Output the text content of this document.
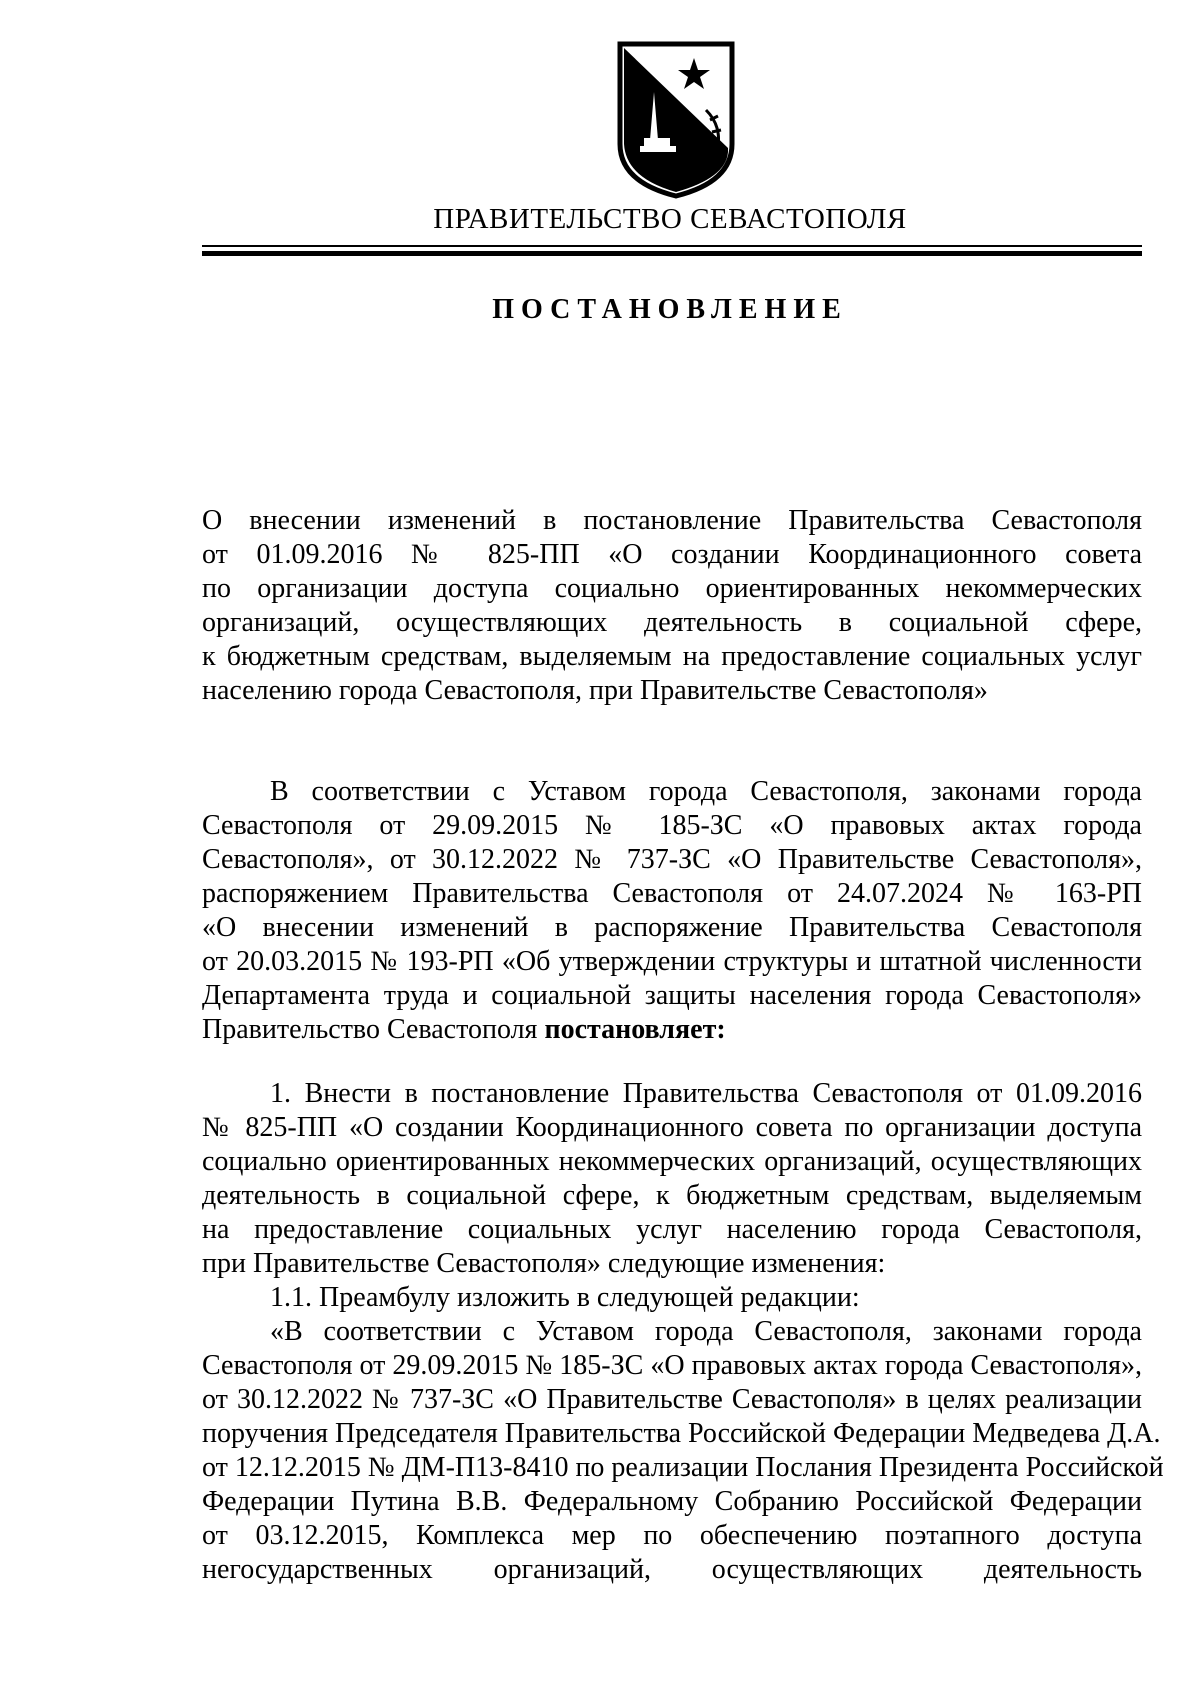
ПРАВИТЕЛЬСТВО СЕВАСТОПОЛЯ
ПОСТАНОВЛЕНИЕ
О внесении изменений в постановление Правительства Севастополя
от 01.09.2016 № 825-ПП «О создании Координационного совета
по организации доступа социально ориентированных некоммерческих
организаций, осуществляющих деятельность в социальной сфере,
к бюджетным средствам, выделяемым на предоставление социальных услуг
населению города Севастополя, при Правительстве Севастополя»
В соответствии с Уставом города Севастополя, законами города
Севастополя от 29.09.2015 № 185-ЗС «О правовых актах города
Севастополя», от 30.12.2022 № 737-ЗС «О Правительстве Севастополя»,
распоряжением Правительства Севастополя от 24.07.2024 № 163-РП
«О внесении изменений в распоряжение Правительства Севастополя
от 20.03.2015 № 193-РП «Об утверждении структуры и штатной численности
Департамента труда и социальной защиты населения города Севастополя»
Правительство Севастополя постановляет:
1. Внести в постановление Правительства Севастополя от 01.09.2016
№ 825-ПП «О создании Координационного совета по организации доступа
социально ориентированных некоммерческих организаций, осуществляющих
деятельность в социальной сфере, к бюджетным средствам, выделяемым
на предоставление социальных услуг населению города Севастополя,
при Правительстве Севастополя» следующие изменения:
1.1. Преамбулу изложить в следующей редакции:
«В соответствии с Уставом города Севастополя, законами города
Севастополя от 29.09.2015 № 185-ЗС «О правовых актах города Севастополя»,
от 30.12.2022 № 737-ЗС «О Правительстве Севастополя» в целях реализации
поручения Председателя Правительства Российской Федерации Медведева Д.А.
от 12.12.2015 № ДМ-П13-8410 по реализации Послания Президента Российской
Федерации Путина В.В. Федеральному Собранию Российской Федерации
от 03.12.2015, Комплекса мер по обеспечению поэтапного доступа
негосударственных организаций, осуществляющих деятельность
